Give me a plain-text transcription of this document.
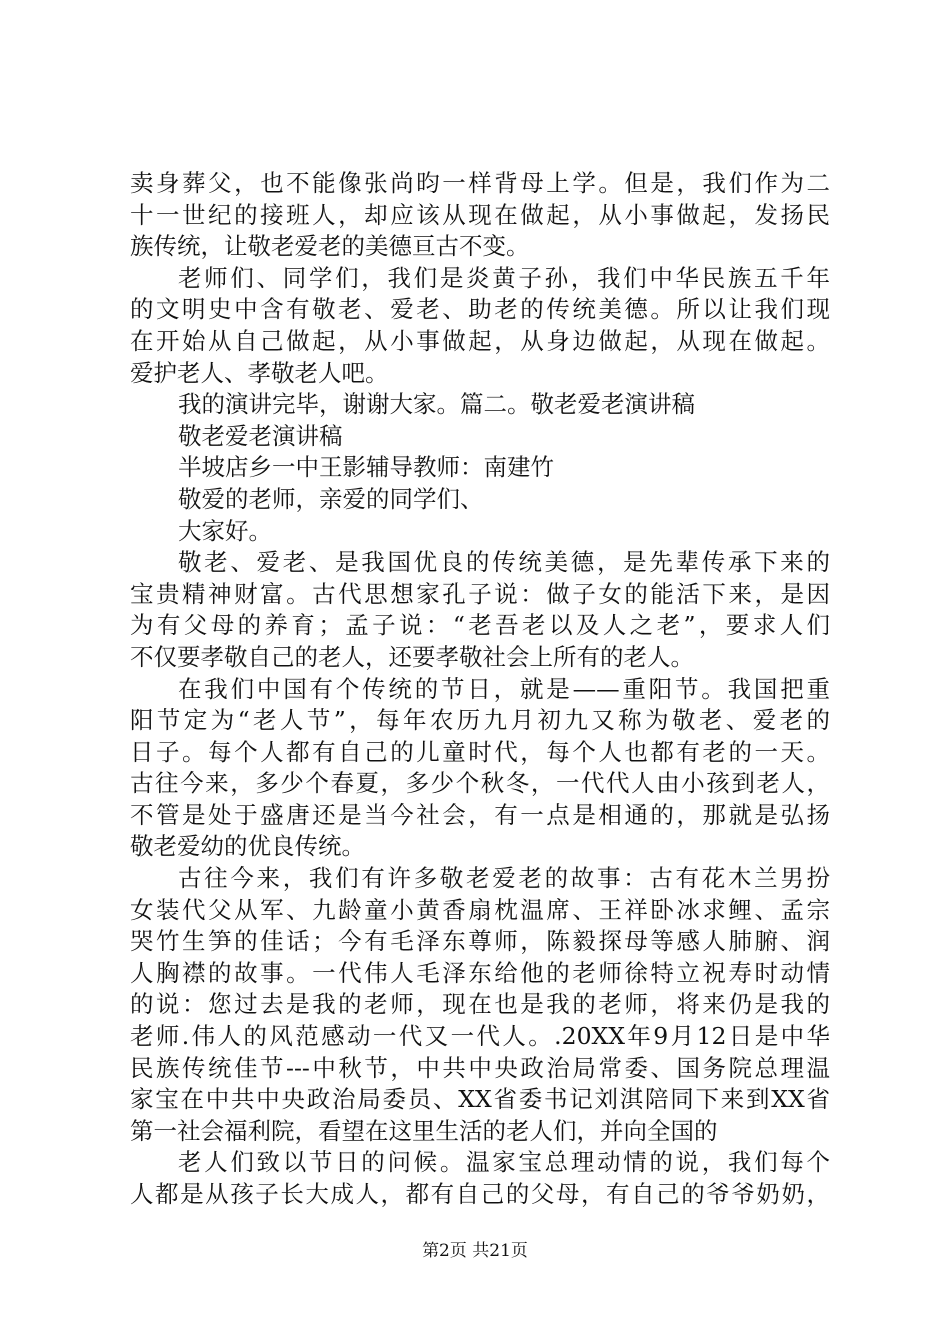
卖身葬父，也不能像张尚昀一样背母上学。但是，我们作为二
十一世纪的接班人，却应该从现在做起，从小事做起，发扬民
族传统，让敬老爱老的美德亘古不变。
老师们、同学们，我们是炎黄子孙，我们中华民族五千年
的文明史中含有敬老、爱老、助老的传统美德。所以让我们现
在开始从自己做起，从小事做起，从身边做起，从现在做起。
爱护老人、孝敬老人吧。
我的演讲完毕，谢谢大家。篇二。敬老爱老演讲稿
敬老爱老演讲稿
半坡店乡一中王影辅导教师：南建竹
敬爱的老师，亲爱的同学们、
大家好。
敬老、爱老、是我国优良的传统美德，是先辈传承下来的
宝贵精神财富。古代思想家孔子说：做子女的能活下来，是因
为有父母的养育；孟子说：“老吾老以及人之老”，要求人们
不仅要孝敬自己的老人，还要孝敬社会上所有的老人。
在我们中国有个传统的节日，就是——重阳节。我国把重
阳节定为“老人节”，每年农历九月初九又称为敬老、爱老的
日子。每个人都有自己的儿童时代，每个人也都有老的一天。
古往今来，多少个春夏，多少个秋冬，一代代人由小孩到老人，
不管是处于盛唐还是当今社会，有一点是相通的，那就是弘扬
敬老爱幼的优良传统。
古往今来，我们有许多敬老爱老的故事：古有花木兰男扮
女装代父从军、九龄童小黄香扇枕温席、王祥卧冰求鲤、孟宗
哭竹生笋的佳话；今有毛泽东尊师，陈毅探母等感人肺腑、润
人胸襟的故事。一代伟人毛泽东给他的老师徐特立祝寿时动情
的说：您过去是我的老师，现在也是我的老师，将来仍是我的
老师.伟人的风范感动一代又一代人。.20XX年9月12日是中华
民族传统佳节---中秋节，中共中央政治局常委、国务院总理温
家宝在中共中央政治局委员、XX省委书记刘淇陪同下来到XX省
第一社会福利院，看望在这里生活的老人们，并向全国的
老人们致以节日的问候。温家宝总理动情的说，我们每个
人都是从孩子长大成人，都有自己的父母，有自己的爷爷奶奶，
第2页 共21页
